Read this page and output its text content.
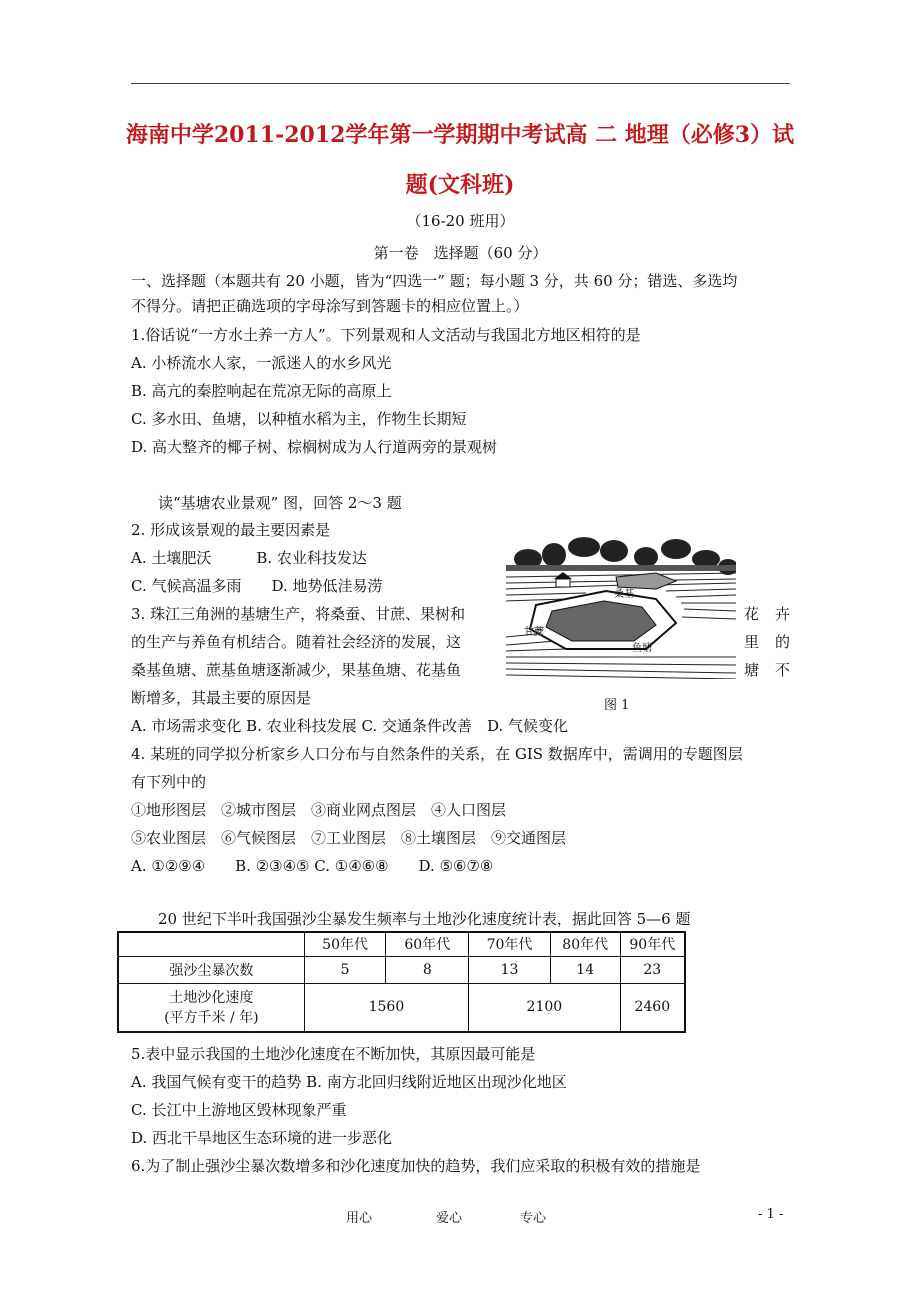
海南中学2011-2012学年第一学期期中考试高 二 地理（必修3）试
题(文科班)
（16-20 班用）
第一卷　选择题（60 分）
一、选择题（本题共有 20 小题，皆为“四选一” 题；每小题 3 分，共 60 分；错选、多选均
不得分。请把正确选项的字母涂写到答题卡的相应位置上。）
1.俗话说“一方水土养一方人”。下列景观和人文活动与我国北方地区相符的是
A. 小桥流水人家，一派迷人的水乡风光
B. 高亢的秦腔响起在荒凉无际的高原上
C. 多水田、鱼塘，以种植水稻为主，作物生长期短
D. 高大整齐的椰子树、棕榈树成为人行道两旁的景观树
读“基塘农业景观” 图，回答 2～3 题
2. 形成该景观的最主要因素是
A. 土壤肥沃　　　B. 农业科技发达
C. 气候高温多雨　　D. 地势低洼易涝
3. 珠江三角洲的基塘生产，将桑蚕、甘蔗、果树和	花 卉
的生产与养鱼有机结合。随着社会经济的发展，这	里 的
桑基鱼塘、蔗基鱼塘逐渐减少，果基鱼塘、花基鱼	塘 不
断增多，其最主要的原因是
A. 市场需求变化 B. 农业科技发展 C. 交通条件改善　D. 气候变化
桑基
甘蔗
鱼塘
图 1
4. 某班的同学拟分析家乡人口分布与自然条件的关系，在 GIS 数据库中，需调用的专题图层
有下列中的
①地形图层　②城市图层　③商业网点图层　④人口图层
⑤农业图层　⑥气候图层　⑦工业图层　⑧土壤图层　⑨交通图层
A. ①②⑨④　　B. ②③④⑤ C. ①④⑥⑧　　D. ⑤⑥⑦⑧
20 世纪下半叶我国强沙尘暴发生频率与土地沙化速度统计表，据此回答 5—6 题
	50年代	60年代	70年代	80年代	90年代
强沙尘暴次数	5	8	13	14	23

土地沙化速度
(平方千米 / 年)	1560		2100		2460
5.表中显示我国的土地沙化速度在不断加快，其原因最可能是
A. 我国气候有变干的趋势 B. 南方北回归线附近地区出现沙化地区
C. 长江中上游地区毁林现象严重
D. 西北干旱地区生态环境的进一步恶化
6.为了制止强沙尘暴次数增多和沙化速度加快的趋势，我们应采取的积极有效的措施是
用心	爱心	专心	- 1 -
